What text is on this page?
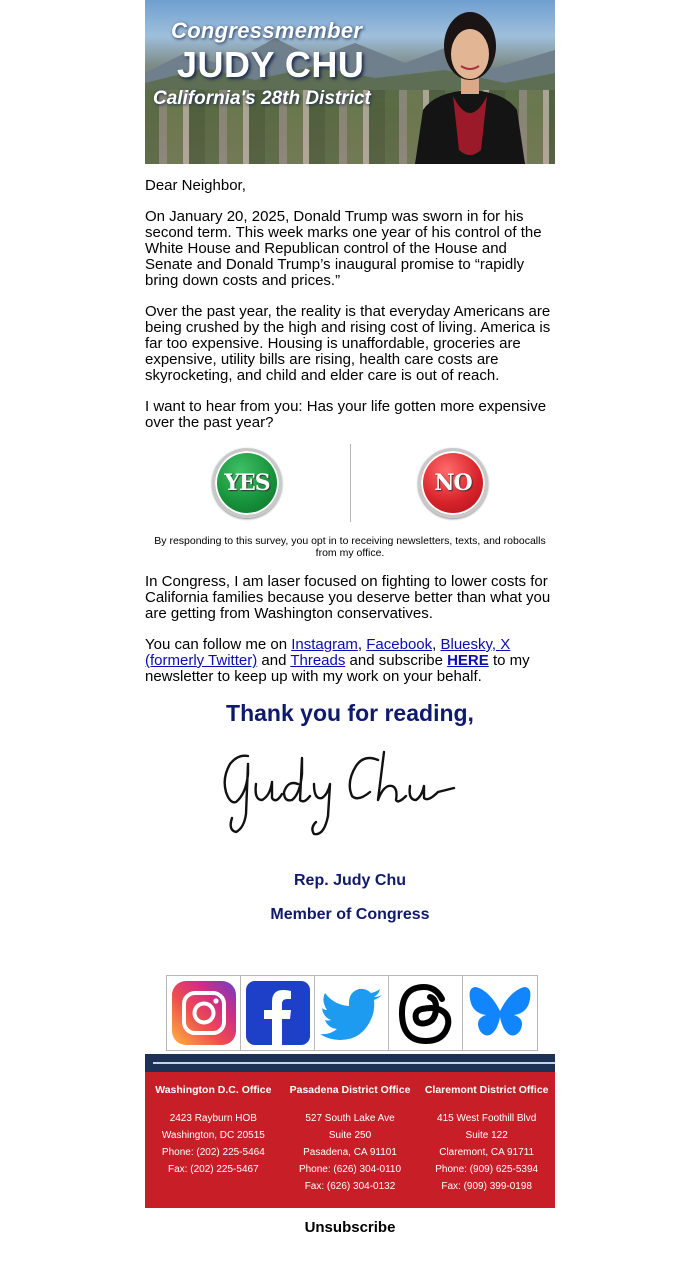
Congressmember
JUDY CHU
California's 28th District

Dear Neighbor,

On January 20, 2025, Donald Trump was sworn in for his second term. This week marks one year of his control of the White House and Republican control of the House and Senate and Donald Trump’s inaugural promise to “rapidly bring down costs and prices.”

Over the past year, the reality is that everyday Americans are being crushed by the high and rising cost of living. America is far too expensive. Housing is unaffordable, groceries are expensive, utility bills are rising, health care costs are skyrocketing, and child and elder care is out of reach.

I want to hear from you: Has your life gotten more expensive over the past year?

YES	NO
By responding to this survey, you opt in to receiving newsletters, texts, and robocalls from my office.

In Congress, I am laser focused on fighting to lower costs for California families because you deserve better than what you are getting from Washington conservatives.

You can follow me on Instagram, Facebook, Bluesky, X (formerly Twitter) and Threads and subscribe HERE to my newsletter to keep up with my work on your behalf.

Thank you for reading,
Rep. Judy Chu
Member of Congress
Washington D.C. Office
2423 Rayburn HOB
Washington, DC 20515
Phone: (202) 225-5464
Fax: (202) 225-5467
Pasadena District Office
527 South Lake Ave
Suite 250
Pasadena, CA 91101
Phone: (626) 304-0110
Fax: (626) 304-0132
Claremont District Office
415 West Foothill Blvd
Suite 122
Claremont, CA 91711
Phone: (909) 625-5394
Fax: (909) 399-0198
Unsubscribe
